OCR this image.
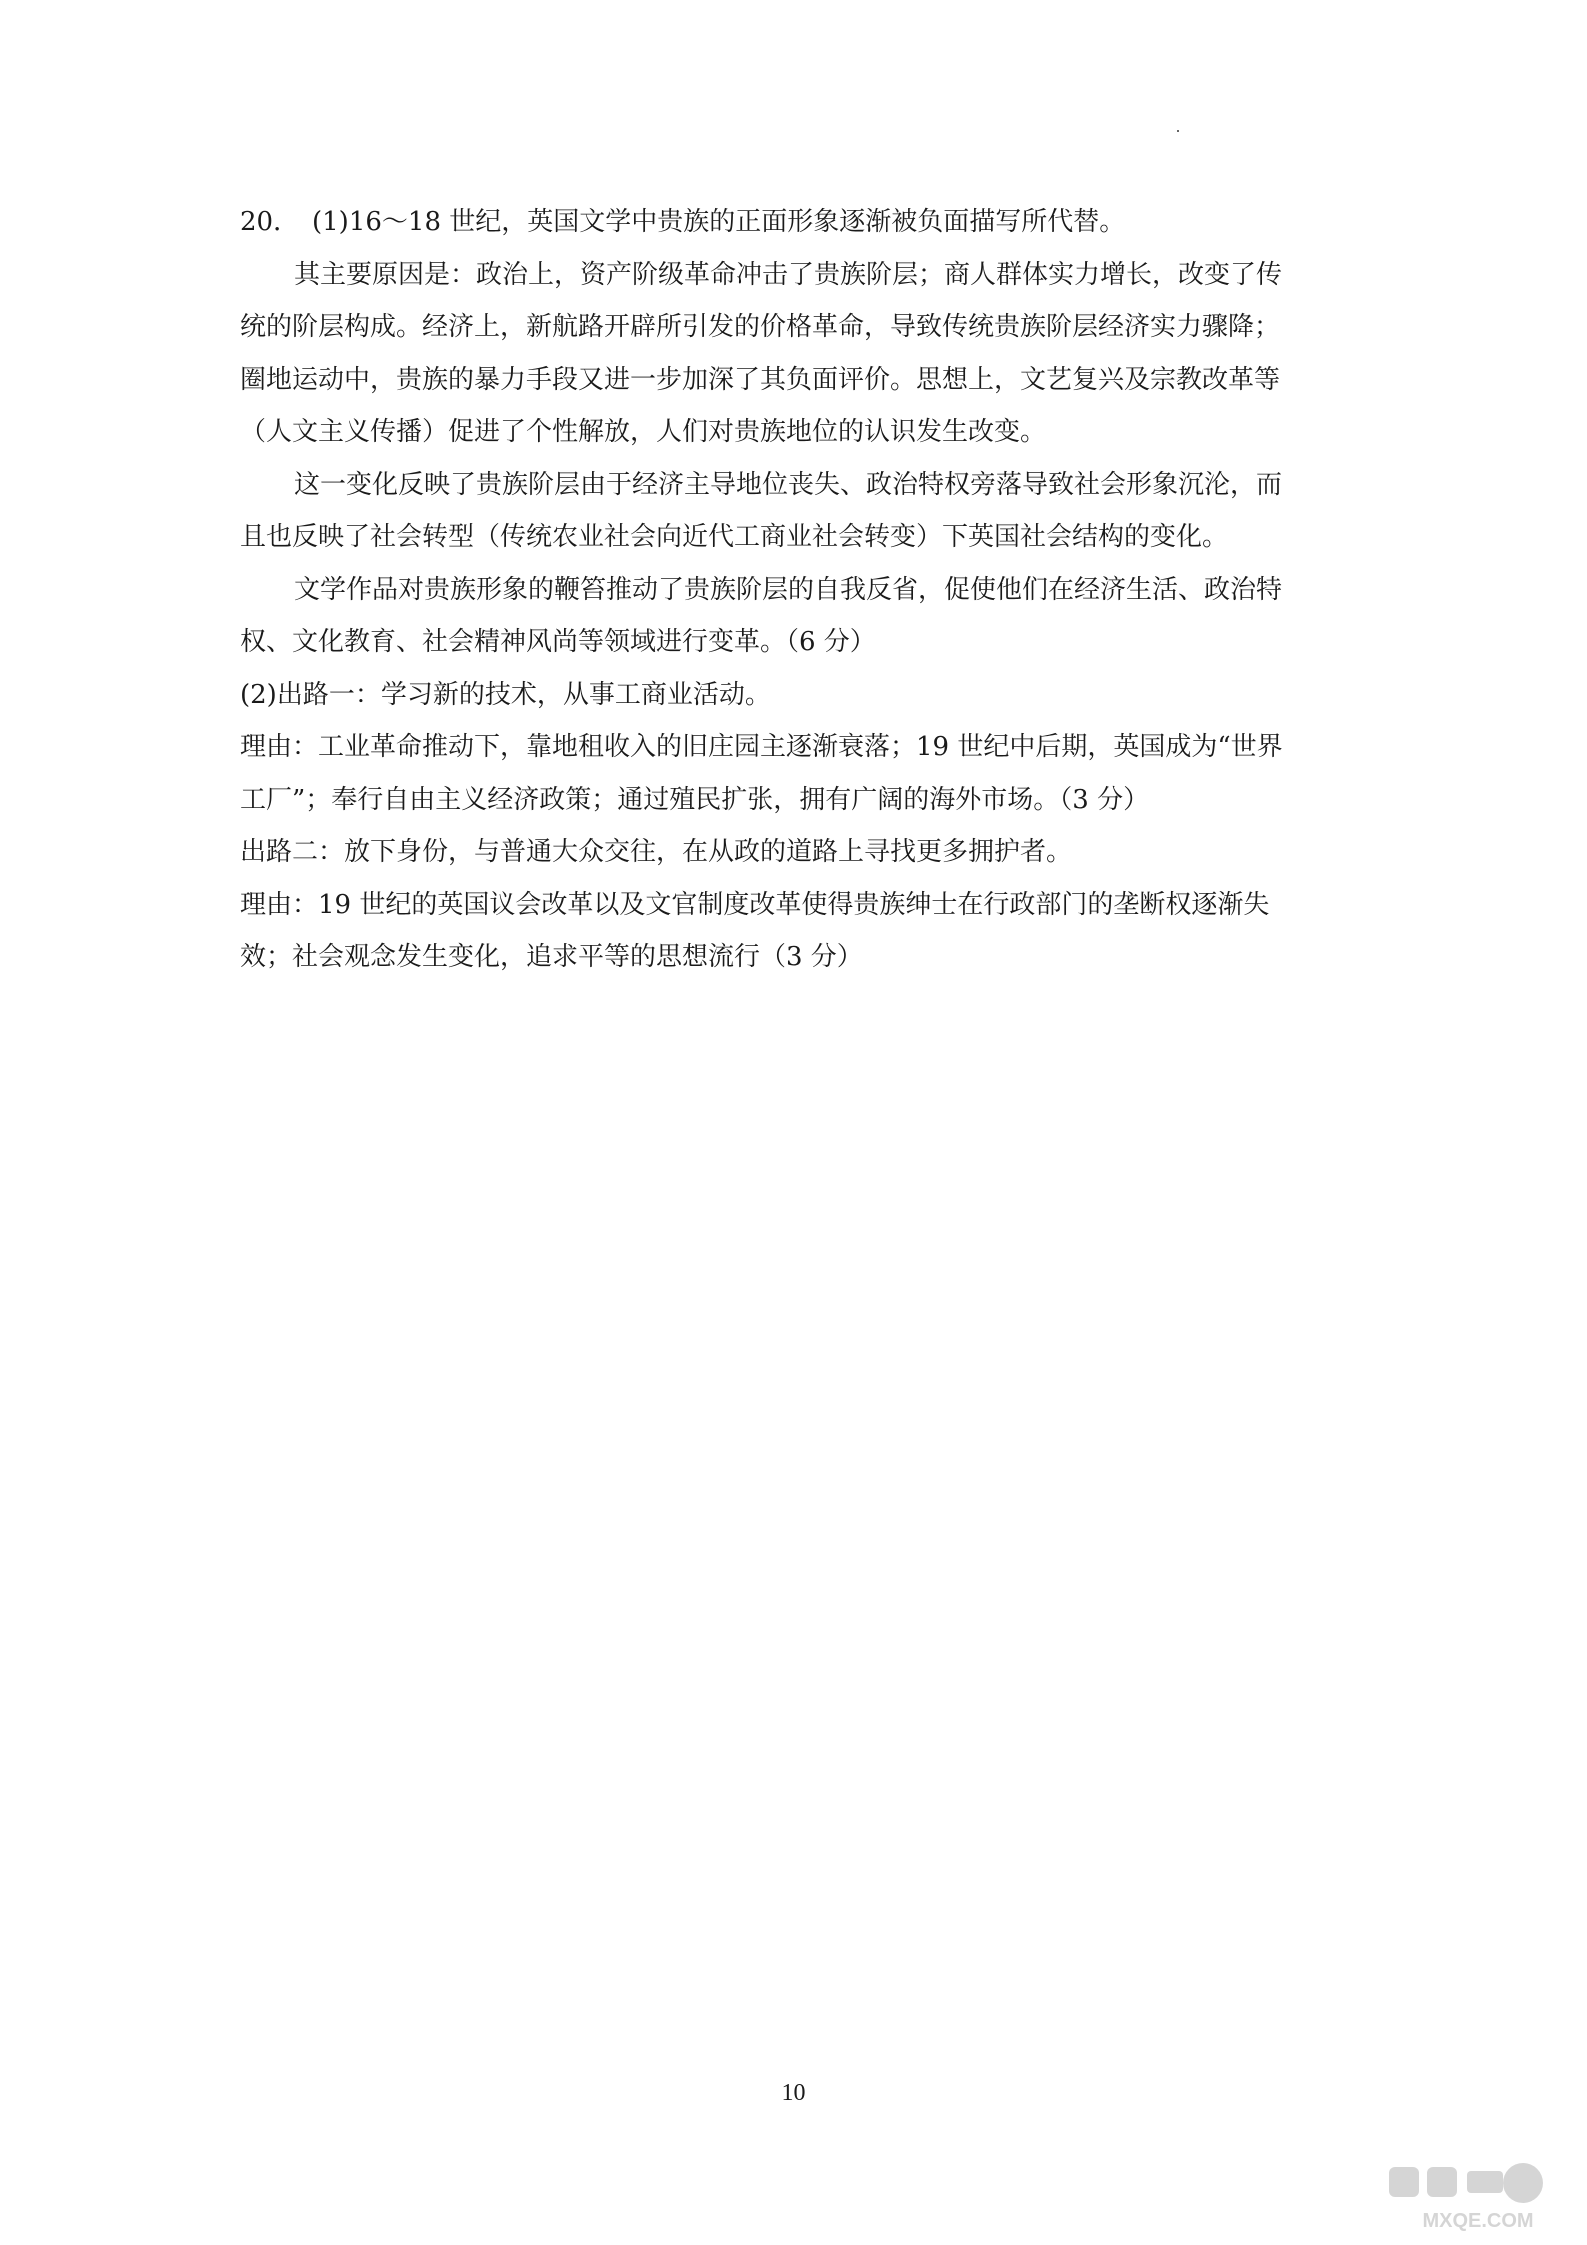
20． (1)16～18 世纪，英国文学中贵族的正面形象逐渐被负面描写所代替。

其主要原因是：政治上，资产阶级革命冲击了贵族阶层；商人群体实力增长，改变了传

统的阶层构成。经济上，新航路开辟所引发的价格革命，导致传统贵族阶层经济实力骤降；

圈地运动中，贵族的暴力手段又进一步加深了其负面评价。思想上，文艺复兴及宗教改革等

（人文主义传播）促进了个性解放，人们对贵族地位的认识发生改变。

这一变化反映了贵族阶层由于经济主导地位丧失、政治特权旁落导致社会形象沉沦，而

且也反映了社会转型（传统农业社会向近代工商业社会转变）下英国社会结构的变化。

文学作品对贵族形象的鞭笞推动了贵族阶层的自我反省，促使他们在经济生活、政治特

权、文化教育、社会精神风尚等领域进行变革。（6 分）

(2)出路一：学习新的技术，从事工商业活动。

理由：工业革命推动下，靠地租收入的旧庄园主逐渐衰落；19 世纪中后期，英国成为“世界

工厂”；奉行自由主义经济政策；通过殖民扩张，拥有广阔的海外市场。（3 分）

出路二：放下身份，与普通大众交往，在从政的道路上寻找更多拥护者。

理由：19 世纪的英国议会改革以及文官制度改革使得贵族绅士在行政部门的垄断权逐渐失

效；社会观念发生变化，追求平等的思想流行（3 分）

10
MXQE.COM
